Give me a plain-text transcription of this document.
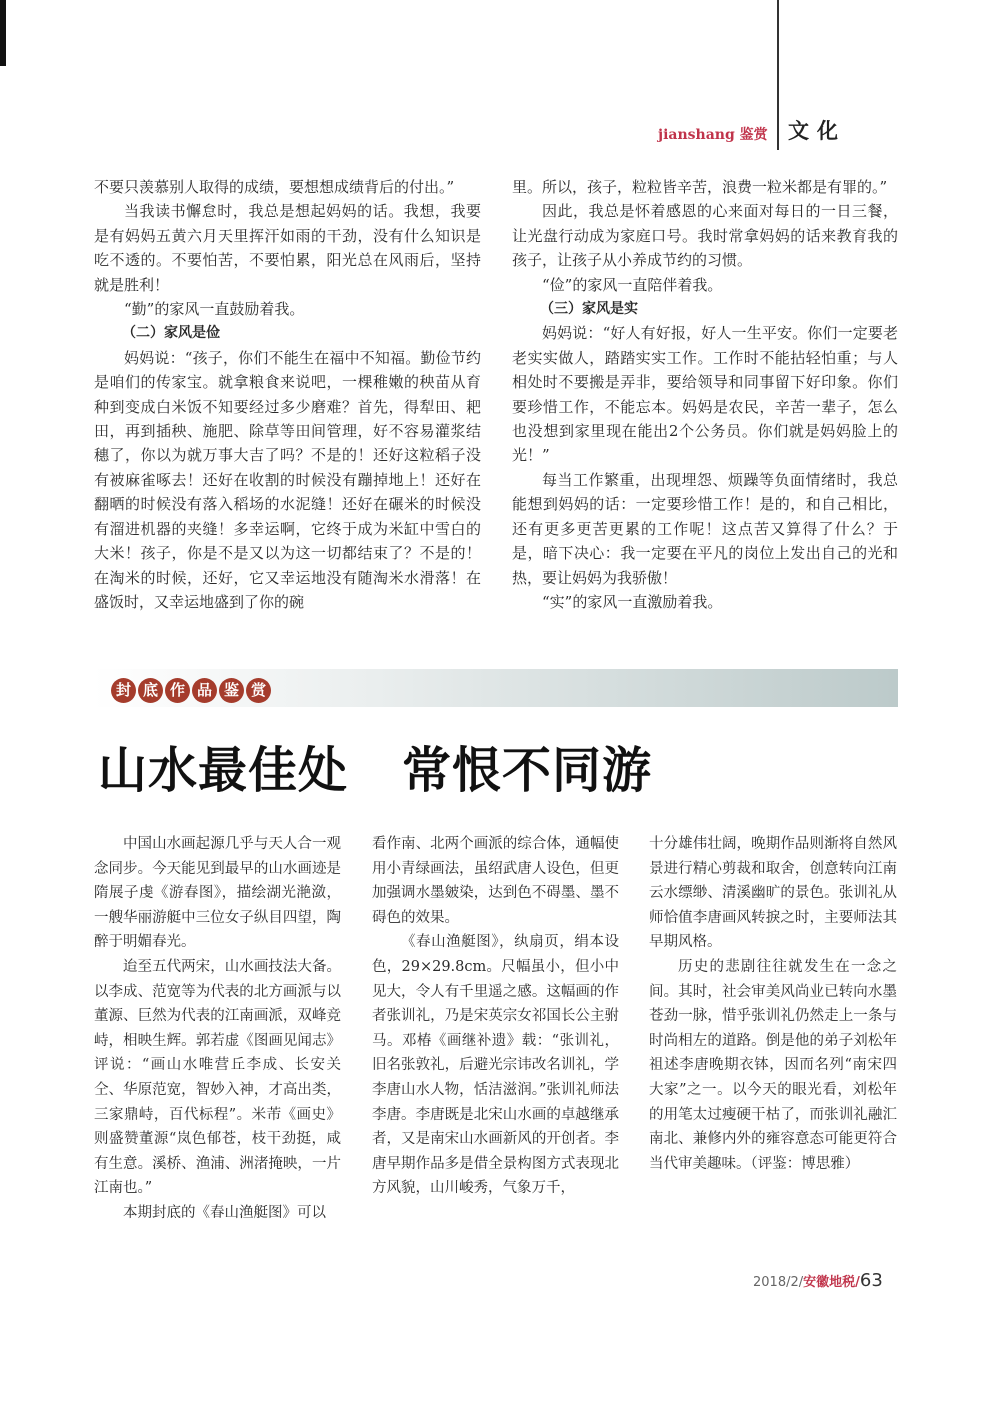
jianshang 鉴赏 文化

不要只羡慕别人取得的成绩，要想想成绩背后的付出。”

当我读书懈怠时，我总是想起妈妈的话。我想，我要是有妈妈五黄六月天里挥汗如雨的干劲，没有什么知识是吃不透的。不要怕苦，不要怕累，阳光总在风雨后，坚持就是胜利！

“勤”的家风一直鼓励着我。

（二）家风是俭

妈妈说：“孩子，你们不能生在福中不知福。勤俭节约是咱们的传家宝。就拿粮食来说吧，一棵稚嫩的秧苗从育种到变成白米饭不知要经过多少磨难？首先，得犁田、耙田，再到插秧、施肥、除草等田间管理，好不容易灌浆结穗了，你以为就万事大吉了吗？不是的！还好这粒稻子没有被麻雀啄去！还好在收割的时候没有蹦掉地上！还好在翻晒的时候没有落入稻场的水泥缝！还好在碾米的时候没有溜进机器的夹缝！多幸运啊，它终于成为米缸中雪白的大米！孩子，你是不是又以为这一切都结束了？不是的！在淘米的时候，还好，它又幸运地没有随淘米水滑落！在盛饭时，又幸运地盛到了你的碗

里。所以，孩子，粒粒皆辛苦，浪费一粒米都是有罪的。”

因此，我总是怀着感恩的心来面对每日的一日三餐，让光盘行动成为家庭口号。我时常拿妈妈的话来教育我的孩子，让孩子从小养成节约的习惯。

“俭”的家风一直陪伴着我。

（三）家风是实

妈妈说：“好人有好报，好人一生平安。你们一定要老老实实做人，踏踏实实工作。工作时不能拈轻怕重；与人相处时不要搬是弄非，要给领导和同事留下好印象。你们要珍惜工作，不能忘本。妈妈是农民，辛苦一辈子，怎么也没想到家里现在能出2个公务员。你们就是妈妈脸上的光！”

每当工作繁重，出现埋怨、烦躁等负面情绪时，我总能想到妈妈的话：一定要珍惜工作！是的，和自己相比，还有更多更苦更累的工作呢！这点苦又算得了什么？于是，暗下决心：我一定要在平凡的岗位上发出自己的光和热，要让妈妈为我骄傲！

“实”的家风一直激励着我。

封 底 作 品 鉴 赏
山水最佳处 常恨不同游

中国山水画起源几乎与天人合一观念同步。今天能见到最早的山水画迹是隋展子虔《游春图》，描绘湖光滟潋，一艘华丽游艇中三位女子纵目四望，陶醉于明媚春光。

迨至五代两宋，山水画技法大备。以李成、范宽等为代表的北方画派与以董源、巨然为代表的江南画派，双峰竞峙，相映生辉。郭若虚《图画见闻志》评说：“画山水唯营丘李成、长安关仝、华原范宽，智妙入神，才高出类，三家鼎峙，百代标程”。米芾《画史》则盛赞董源“岚色郁苍，枝干劲挺，咸有生意。溪桥、渔浦、洲渚掩映，一片江南也。”

本期封底的《春山渔艇图》可以

看作南、北两个画派的综合体，通幅使用小青绿画法，虽绍武唐人设色，但更加强调水墨皴染，达到色不碍墨、墨不碍色的效果。

《春山渔艇图》，纨扇页，绢本设色，29×29.8cm。尺幅虽小，但小中见大，令人有千里遥之感。这幅画的作者张训礼，乃是宋英宗女祁国长公主驸马。邓椿《画继补遗》载：“张训礼，旧名张敦礼，后避光宗讳改名训礼，学李唐山水人物，恬洁滋润。”张训礼师法李唐。李唐既是北宋山水画的卓越继承者，又是南宋山水画新风的开创者。李唐早期作品多是借全景构图方式表现北方风貌，山川峻秀，气象万千，

十分雄伟壮阔，晚期作品则渐将自然风景进行精心剪裁和取舍，创意转向江南云水缥缈、清溪幽旷的景色。张训礼从师恰值李唐画风转捩之时，主要师法其早期风格。

历史的悲剧往往就发生在一念之间。其时，社会审美风尚业已转向水墨苍劲一脉，惜乎张训礼仍然走上一条与时尚相左的道路。倒是他的弟子刘松年祖述李唐晚期衣钵，因而名列“南宋四大家”之一。以今天的眼光看，刘松年的用笔太过瘦硬干枯了，而张训礼融汇南北、兼修内外的雍容意态可能更符合当代审美趣味。（评鉴：博思雅）

2018/2/安徽地税/63
